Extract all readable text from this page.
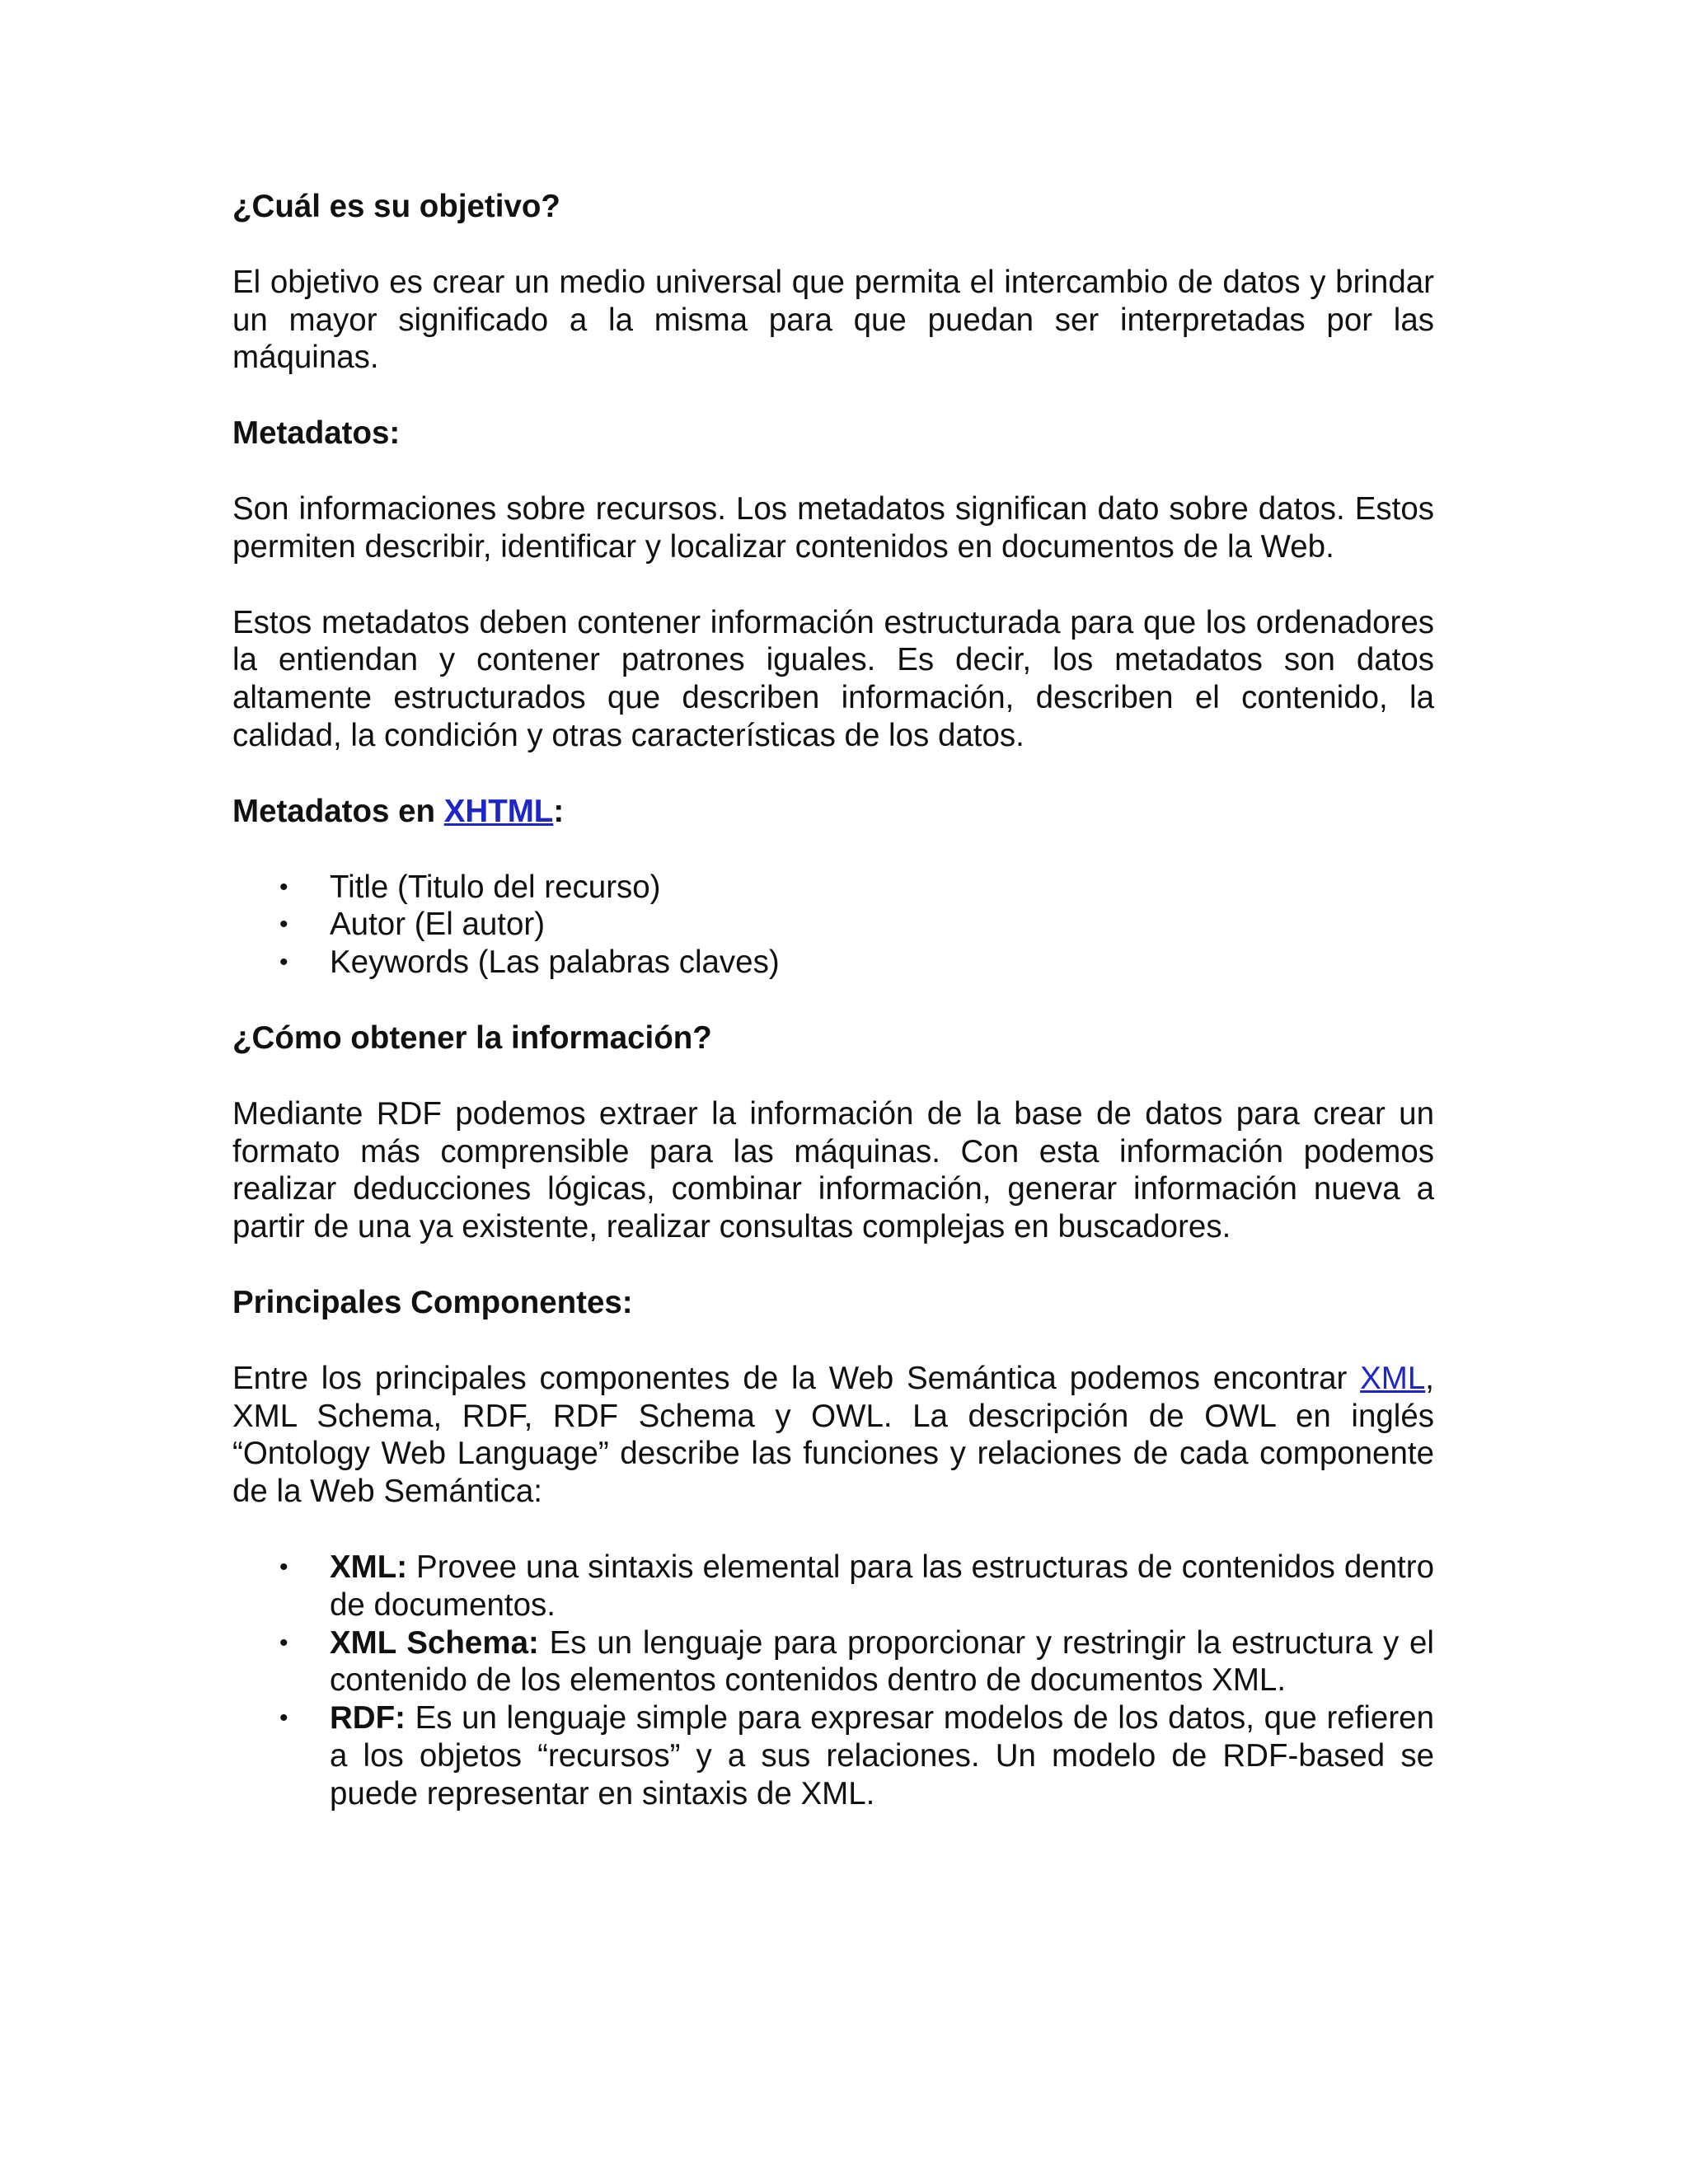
¿Cuál es su objetivo?

El objetivo es crear un medio universal que permita el intercambio de datos y brindar un mayor significado a la misma para que puedan ser interpretadas por las máquinas.

Metadatos:

Son informaciones sobre recursos. Los metadatos significan dato sobre datos. Estos permiten describir, identificar y localizar contenidos en documentos de la Web.

Estos metadatos deben contener información estructurada para que los ordenadores la entiendan y contener patrones iguales. Es decir, los metadatos son datos altamente estructurados que describen información, describen el contenido, la calidad, la condición y otras características de los datos.

Metadatos en XHTML:
• Title (Titulo del recurso)
• Autor (El autor)
• Keywords (Las palabras claves)
¿Cómo obtener la información?

Mediante RDF podemos extraer la información de la base de datos para crear un formato más comprensible para las máquinas. Con esta información podemos realizar deducciones lógicas, combinar información, generar información nueva a partir de una ya existente, realizar consultas complejas en buscadores.

Principales Componentes:

Entre los principales componentes de la Web Semántica podemos encontrar XML, XML Schema, RDF, RDF Schema y OWL. La descripción de OWL en inglés “Ontology Web Language” describe las funciones y relaciones de cada componente de la Web Semántica:

• XML: Provee una sintaxis elemental para las estructuras de contenidos dentro de documentos.
• XML Schema: Es un lenguaje para proporcionar y restringir la estructura y el contenido de los elementos contenidos dentro de documentos XML.
• RDF: Es un lenguaje simple para expresar modelos de los datos, que refieren a los objetos “recursos” y a sus relaciones. Un modelo de RDF-based se puede representar en sintaxis de XML.
